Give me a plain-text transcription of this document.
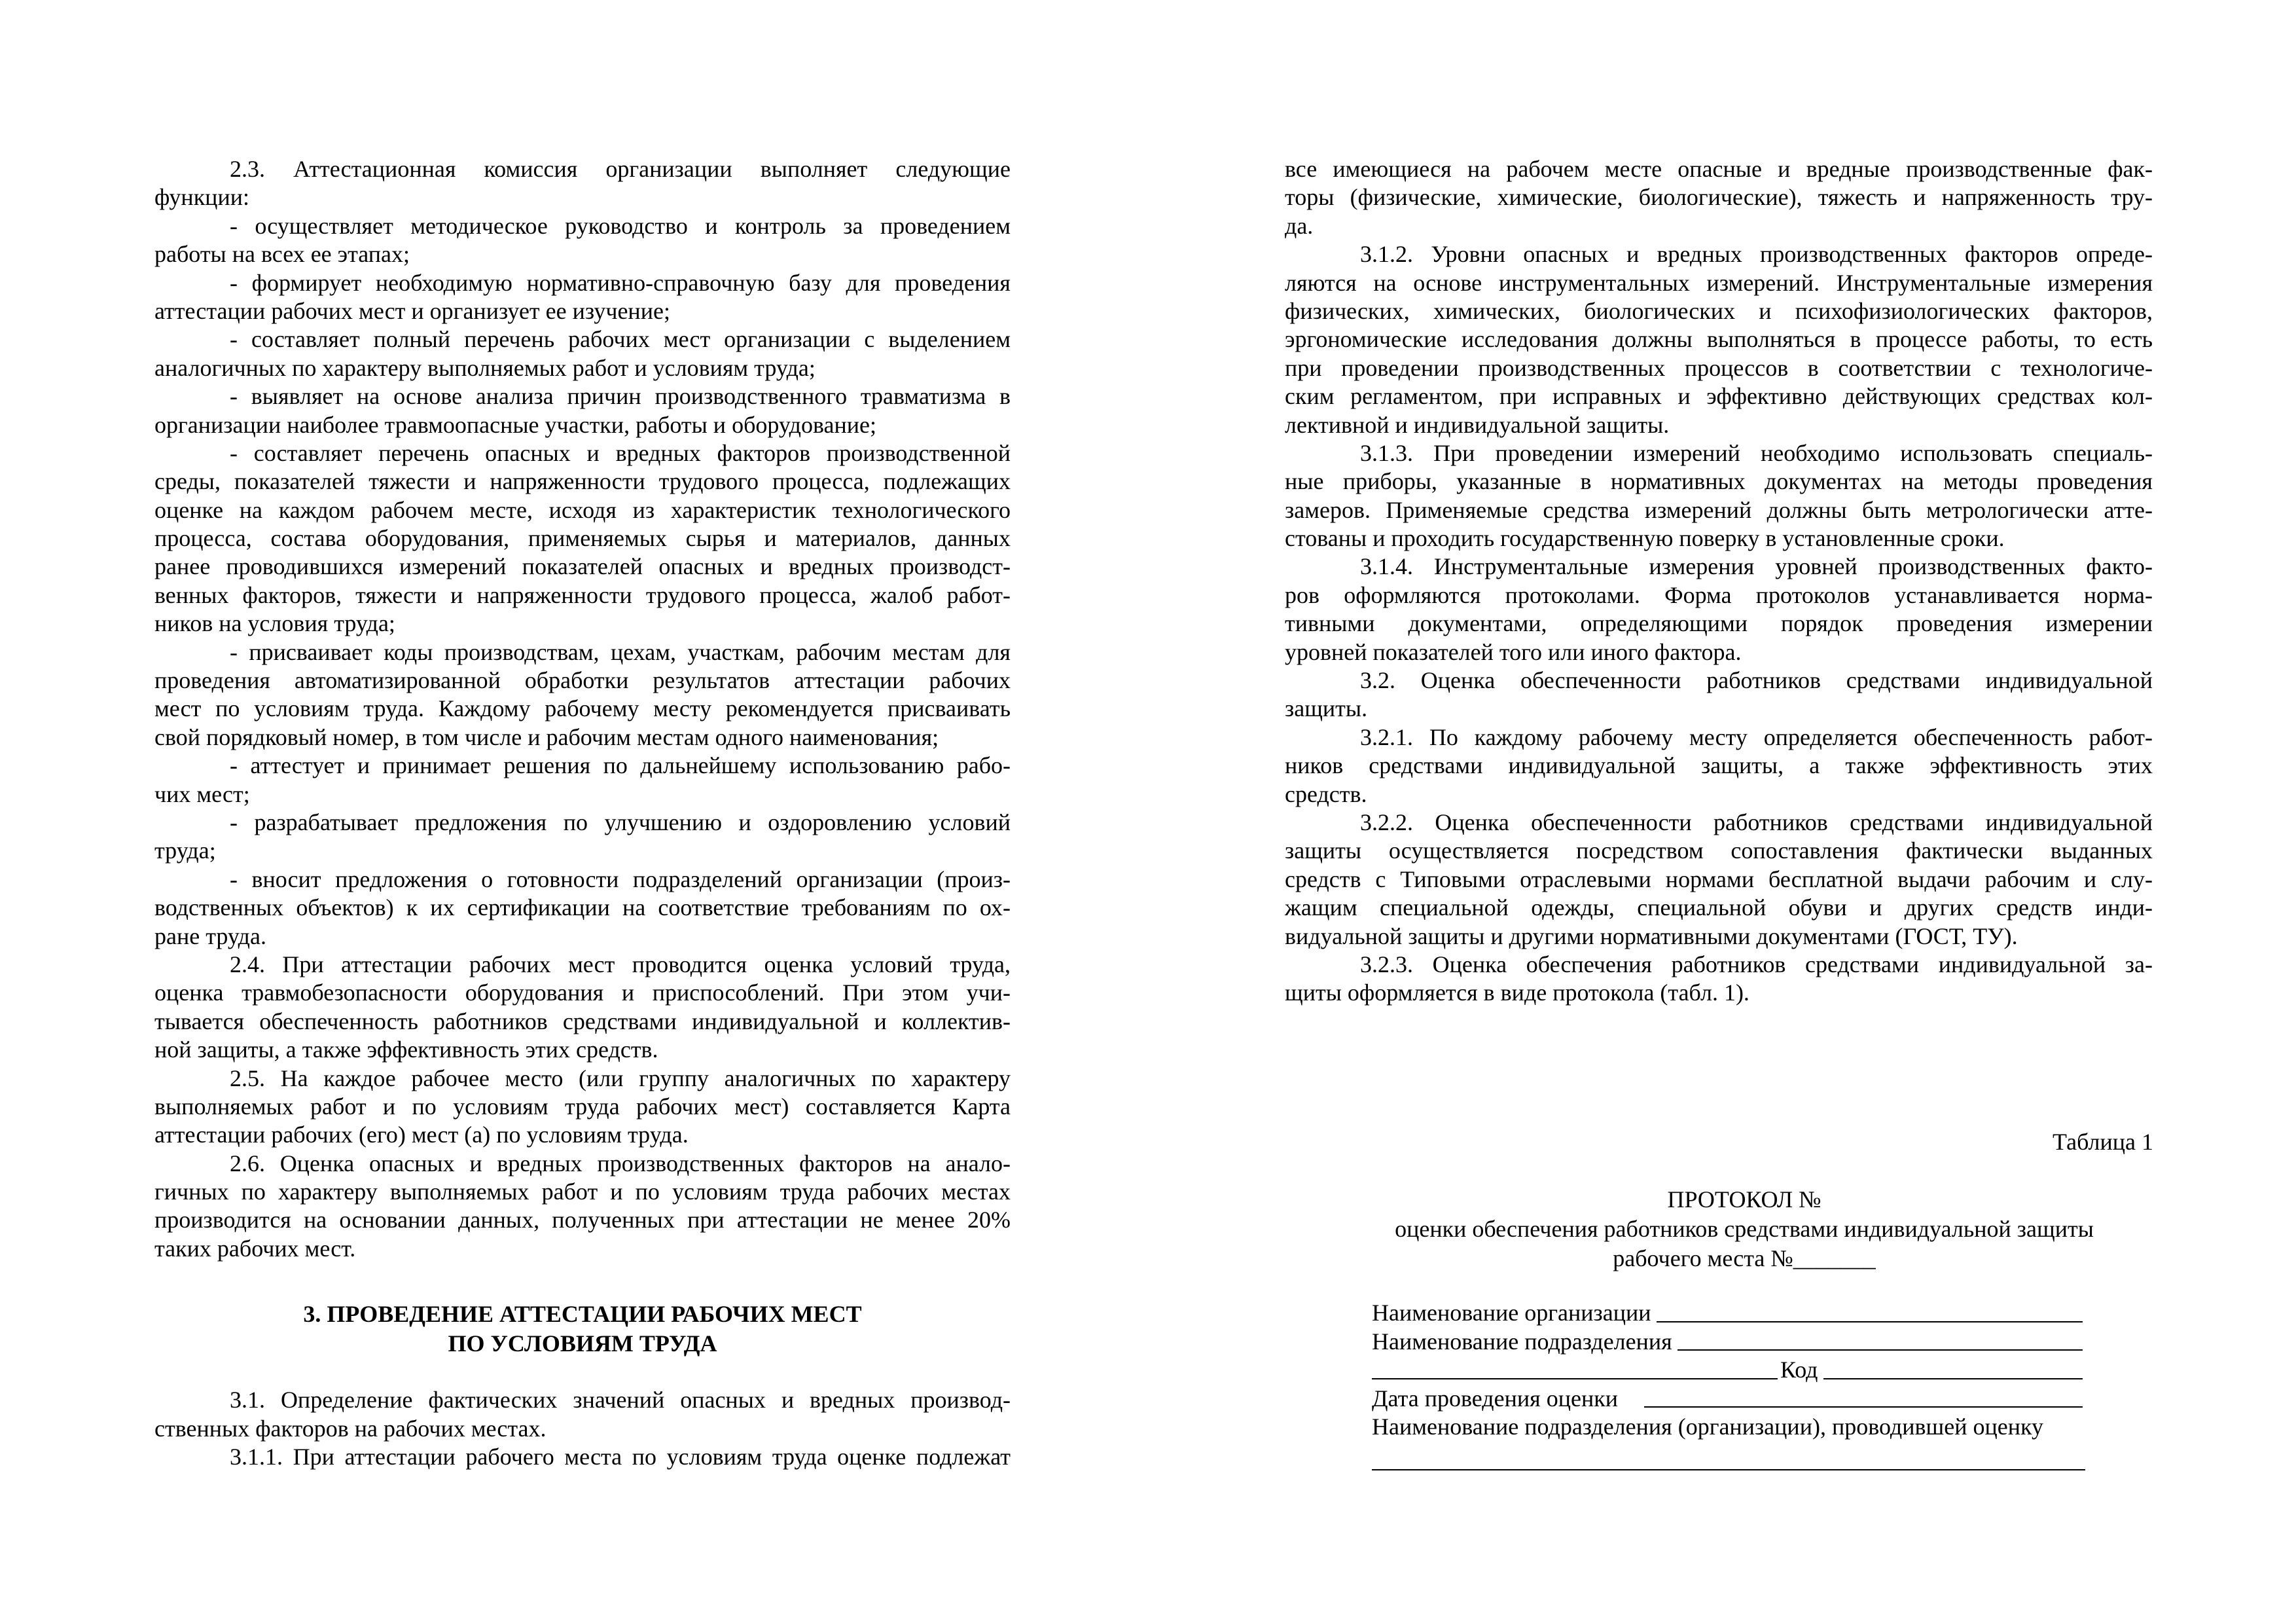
2.3. Аттестационная комиссия организации выполняет следующие
функции:
- осуществляет методическое руководство и контроль за проведением
работы на всех ее этапах;
- формирует необходимую нормативно-справочную базу для проведения
аттестации рабочих мест и организует ее изучение;
- составляет полный перечень рабочих мест организации с выделением
аналогичных по характеру выполняемых работ и условиям труда;
- выявляет на основе анализа причин производственного травматизма в
организации наиболее травмоопасные участки, работы и оборудование;
- составляет перечень опасных и вредных факторов производственной
среды, показателей тяжести и напряженности трудового процесса, подлежащих
оценке на каждом рабочем месте, исходя из характеристик технологического
процесса, состава оборудования, применяемых сырья и материалов, данных
ранее проводившихся измерений показателей опасных и вредных производст-
венных факторов, тяжести и напряженности трудового процесса, жалоб работ-
ников на условия труда;
- присваивает коды производствам, цехам, участкам, рабочим местам для
проведения автоматизированной обработки результатов аттестации рабочих
мест по условиям труда. Каждому рабочему месту рекомендуется присваивать
свой порядковый номер, в том числе и рабочим местам одного наименования;
- аттестует и принимает решения по дальнейшему использованию рабо-
чих мест;
- разрабатывает предложения по улучшению и оздоровлению условий
труда;
- вносит предложения о готовности подразделений организации (произ-
водственных объектов) к их сертификации на соответствие требованиям по ох-
ране труда.
2.4. При аттестации рабочих мест проводится оценка условий труда,
оценка травмобезопасности оборудования и приспособлений. При этом учи-
тывается обеспеченность работников средствами индивидуальной и коллектив-
ной защиты, а также эффективность этих средств.
2.5. На каждое рабочее место (или группу аналогичных по характеру
выполняемых работ и по условиям труда рабочих мест) составляется Карта
аттестации рабочих (его) мест (а) по условиям труда.
2.6. Оценка опасных и вредных производственных факторов на анало-
гичных по характеру выполняемых работ и по условиям труда рабочих местах
производится на основании данных, полученных при аттестации не менее 20%
таких рабочих мест.
3. ПРОВЕДЕНИЕ АТТЕСТАЦИИ РАБОЧИХ МЕСТ
ПО УСЛОВИЯМ ТРУДА
3.1. Определение фактических значений опасных и вредных производ-
ственных факторов на рабочих местах.
3.1.1. При аттестации рабочего места по условиям труда оценке подлежат
все имеющиеся на рабочем месте опасные и вредные производственные фак-
торы (физические, химические, биологические), тяжесть и напряженность тру-
да.
3.1.2. Уровни опасных и вредных производственных факторов опреде-
ляются на основе инструментальных измерений. Инструментальные измерения
физических, химических, биологических и психофизиологических факторов,
эргономические исследования должны выполняться в процессе работы, то есть
при проведении производственных процессов в соответствии с технологиче-
ским регламентом, при исправных и эффективно действующих средствах кол-
лективной и индивидуальной защиты.
3.1.3. При проведении измерений необходимо использовать специаль-
ные приборы, указанные в нормативных документах на методы проведения
замеров. Применяемые средства измерений должны быть метрологически атте-
стованы и проходить государственную поверку в установленные сроки.
3.1.4. Инструментальные измерения уровней производственных факто-
ров оформляются протоколами. Форма протоколов устанавливается норма-
тивными документами, определяющими порядок проведения измерении
уровней показателей того или иного фактора.
3.2. Оценка обеспеченности работников средствами индивидуальной
защиты.
3.2.1. По каждому рабочему месту определяется обеспеченность работ-
ников средствами индивидуальной защиты, а также эффективность этих
средств.
3.2.2. Оценка обеспеченности работников средствами индивидуальной
защиты осуществляется посредством сопоставления фактически выданных
средств с Типовыми отраслевыми нормами бесплатной выдачи рабочим и слу-
жащим специальной одежды, специальной обуви и других средств инди-
видуальной защиты и другими нормативными документами (ГОСТ, ТУ).
3.2.3. Оценка обеспечения работников средствами индивидуальной за-
щиты оформляется в виде протокола (табл. 1).
Таблица 1
ПРОТОКОЛ №
оценки обеспечения работников средствами индивидуальной защиты
рабочего места №_______
Наименование организации
Наименование подразделения
Код
Дата проведения оценки
Наименование подразделения (организации), проводившей оценку
